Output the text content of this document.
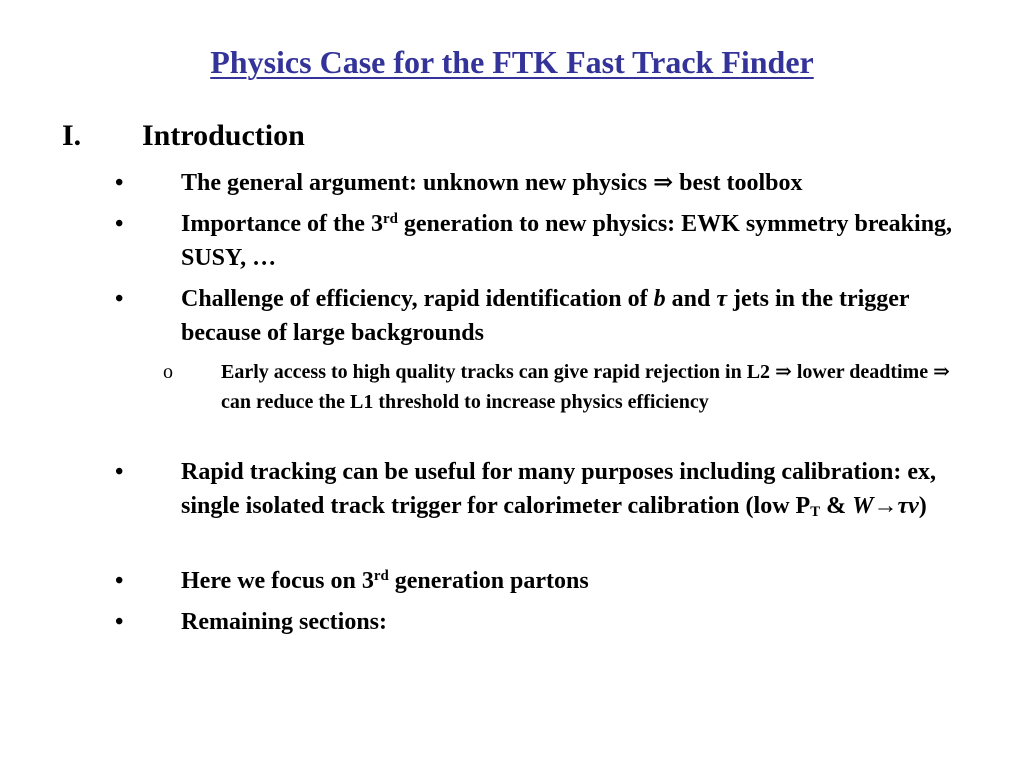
Physics Case for the FTK Fast Track Finder
I. Introduction
• The general argument: unknown new physics ⇒ best toolbox
• Importance of the 3rd generation to new physics: EWK symmetry breaking, SUSY, …
• Challenge of efficiency, rapid identification of b and τ jets in the trigger because of large backgrounds
o Early access to high quality tracks can give rapid rejection in L2 ⇒ lower deadtime ⇒ can reduce the L1 threshold to increase physics efficiency
• Rapid tracking can be useful for many purposes including calibration: ex, single isolated track trigger for calorimeter calibration (low $P_T$ & W→τν)
• Here we focus on 3rd generation partons
• Remaining sections:
